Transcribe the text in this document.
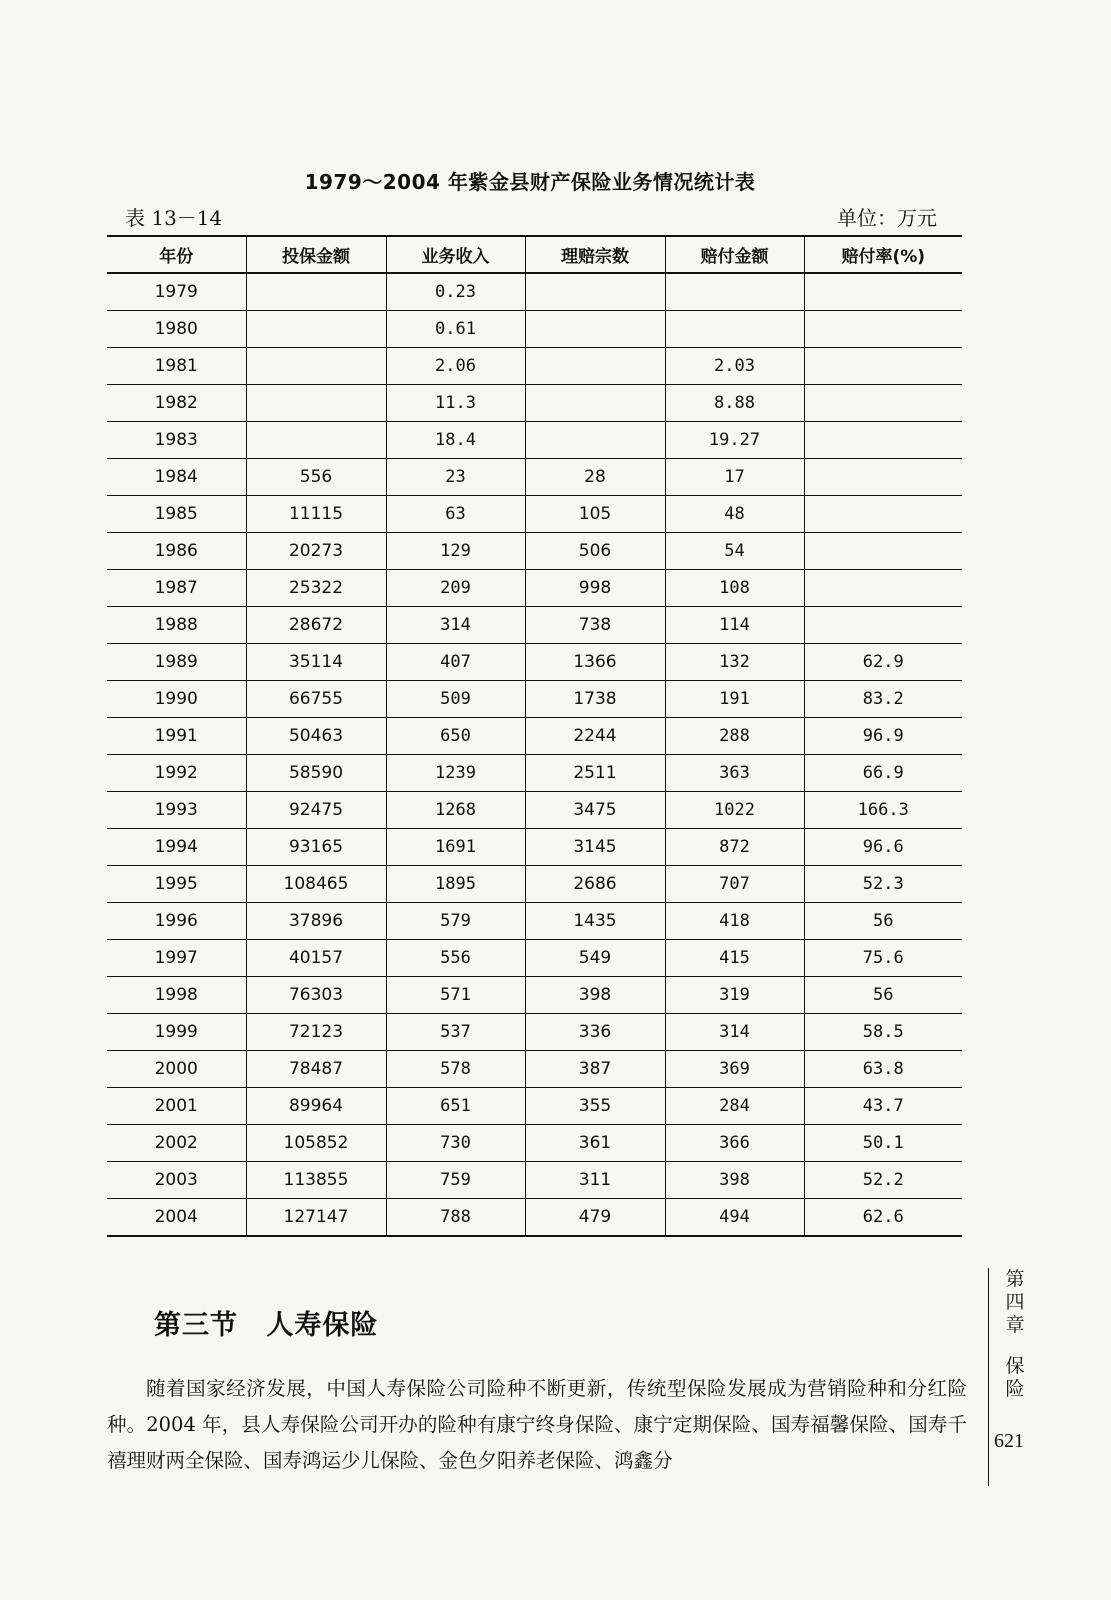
1979～2004 年紫金县财产保险业务情况统计表
表 13－14	单位：万元
年份	投保金额	业务收入	理赔宗数	赔付金额	赔付率(%)
1979		0.23			
1980		0.61			
1981		2.06		2.03	
1982		11.3		8.88	
1983		18.4		19.27	
1984	556	23	28	17	
1985	11115	63	105	48	
1986	20273	129	506	54	
1987	25322	209	998	108	
1988	28672	314	738	114	
1989	35114	407	1366	132	62.9
1990	66755	509	1738	191	83.2
1991	50463	650	2244	288	96.9
1992	58590	1239	2511	363	66.9
1993	92475	1268	3475	1022	166.3
1994	93165	1691	3145	872	96.6
1995	108465	1895	2686	707	52.3
1996	37896	579	1435	418	56
1997	40157	556	549	415	75.6
1998	76303	571	398	319	56
1999	72123	537	336	314	58.5
2000	78487	578	387	369	63.8
2001	89964	651	355	284	43.7
2002	105852	730	361	366	50.1
2003	113855	759	311	398	52.2
2004	127147	788	479	494	62.6
第三节 人寿保险

随着国家经济发展，中国人寿保险公司险种不断更新，传统型保险发展成为营销险种和分红险种。2004 年，县人寿保险公司开办的险种有康宁终身保险、康宁定期保险、国寿福馨保险、国寿千禧理财两全保险、国寿鸿运少儿保险、金色夕阳养老保险、鸿鑫分

第
四
章
保
险
621
